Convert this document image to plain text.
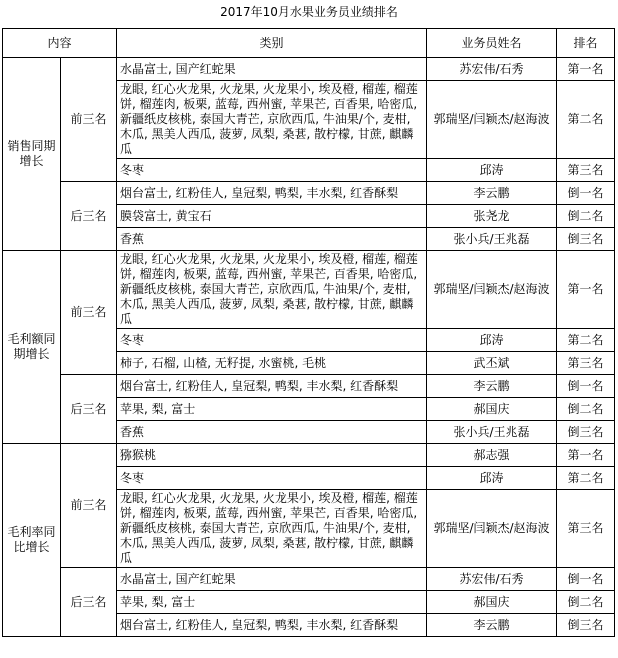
2017年10月水果业务员业绩排名
内容		类别	业务员姓名	排名
销售同期增长	前三名	水晶富士, 国产红蛇果	苏宏伟/石秀	第一名
		龙眼, 红心火龙果, 火龙果, 火龙果小, 埃及橙, 榴莲, 榴莲饼, 榴莲肉, 板栗, 蓝莓, 西州蜜, 苹果芒, 百香果, 哈密瓜, 新疆纸皮核桃, 泰国大青芒, 京欣西瓜, 牛油果/个, 麦柑, 木瓜, 黑美人西瓜, 菠萝, 凤梨, 桑葚, 散柠檬, 甘蔗, 麒麟瓜	郭瑞坚/闫颖杰/赵海波	第二名
		冬枣	邱涛	第三名
	后三名	烟台富士, 红粉佳人, 皇冠梨, 鸭梨, 丰水梨, 红香酥梨	李云鹏	倒一名
		膜袋富士, 黄宝石	张尧龙	倒二名
		香蕉	张小兵/王兆磊	倒三名
毛利额同期增长	前三名	龙眼, 红心火龙果, 火龙果, 火龙果小, 埃及橙, 榴莲, 榴莲饼, 榴莲肉, 板栗, 蓝莓, 西州蜜, 苹果芒, 百香果, 哈密瓜, 新疆纸皮核桃, 泰国大青芒, 京欣西瓜, 牛油果/个, 麦柑, 木瓜, 黑美人西瓜, 菠萝, 凤梨, 桑葚, 散柠檬, 甘蔗, 麒麟瓜	郭瑞坚/闫颖杰/赵海波	第一名
		冬枣	邱涛	第二名
		柿子, 石榴, 山楂, 无籽提, 水蜜桃, 毛桃	武丕斌	第三名
	后三名	烟台富士, 红粉佳人, 皇冠梨, 鸭梨, 丰水梨, 红香酥梨	李云鹏	倒一名
		苹果, 梨, 富士	郝国庆	倒二名
		香蕉	张小兵/王兆磊	倒三名
毛利率同比增长	前三名	猕猴桃	郝志强	第一名
		冬枣	邱涛	第二名
		龙眼, 红心火龙果, 火龙果, 火龙果小, 埃及橙, 榴莲, 榴莲饼, 榴莲肉, 板栗, 蓝莓, 西州蜜, 苹果芒, 百香果, 哈密瓜, 新疆纸皮核桃, 泰国大青芒, 京欣西瓜, 牛油果/个, 麦柑, 木瓜, 黑美人西瓜, 菠萝, 凤梨, 桑葚, 散柠檬, 甘蔗, 麒麟瓜	郭瑞坚/闫颖杰/赵海波	第三名
	后三名	水晶富士, 国产红蛇果	苏宏伟/石秀	倒一名
		苹果, 梨, 富士	郝国庆	倒二名
		烟台富士, 红粉佳人, 皇冠梨, 鸭梨, 丰水梨, 红香酥梨	李云鹏	倒三名
